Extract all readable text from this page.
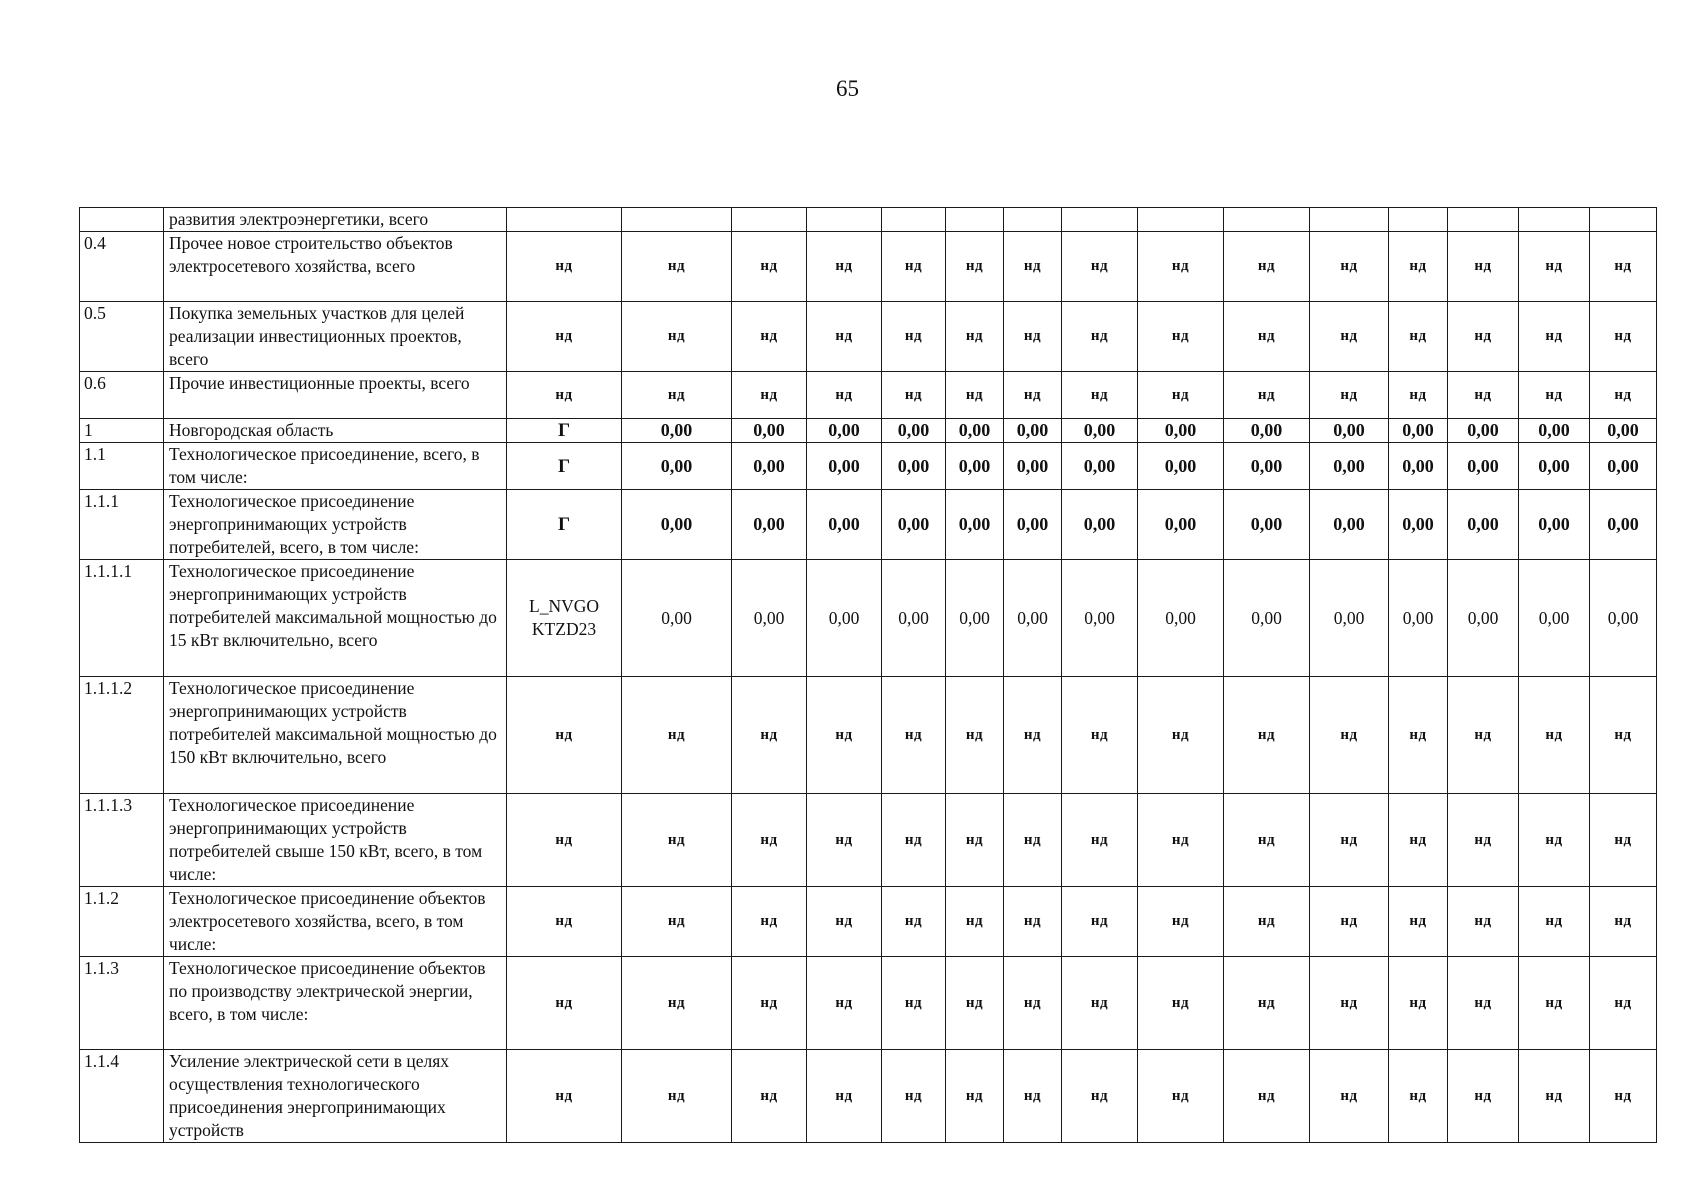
65
	развития электроэнергетики, всего															
0.4	Прочее новое строительство объектов электросетевого хозяйства, всего	нд	нд	нд	нд	нд	нд	нд	нд	нд	нд	нд	нд	нд	нд	нд
0.5	Покупка земельных участков для целей реализации инвестиционных проектов, всего	нд	нд	нд	нд	нд	нд	нд	нд	нд	нд	нд	нд	нд	нд	нд
0.6	Прочие инвестиционные проекты, всего	нд	нд	нд	нд	нд	нд	нд	нд	нд	нд	нд	нд	нд	нд	нд
1	Новгородская область	Г	0,00	0,00	0,00	0,00	0,00	0,00	0,00	0,00	0,00	0,00	0,00	0,00	0,00	0,00
1.1	Технологическое присоединение, всего, в том числе:	Г	0,00	0,00	0,00	0,00	0,00	0,00	0,00	0,00	0,00	0,00	0,00	0,00	0,00	0,00
1.1.1	Технологическое присоединение энергопринимающих устройств потребителей, всего, в том числе:	Г	0,00	0,00	0,00	0,00	0,00	0,00	0,00	0,00	0,00	0,00	0,00	0,00	0,00	0,00
1.1.1.1	Технологическое присоединение энергопринимающих устройств потребителей максимальной мощностью до 15 кВт включительно, всего	L_NVGO KTZD23	0,00	0,00	0,00	0,00	0,00	0,00	0,00	0,00	0,00	0,00	0,00	0,00	0,00	0,00
1.1.1.2	Технологическое присоединение энергопринимающих устройств потребителей максимальной мощностью до 150 кВт включительно, всего	нд	нд	нд	нд	нд	нд	нд	нд	нд	нд	нд	нд	нд	нд	нд
1.1.1.3	Технологическое присоединение энергопринимающих устройств потребителей свыше 150 кВт, всего, в том числе:	нд	нд	нд	нд	нд	нд	нд	нд	нд	нд	нд	нд	нд	нд	нд
1.1.2	Технологическое присоединение объектов электросетевого хозяйства, всего, в том числе:	нд	нд	нд	нд	нд	нд	нд	нд	нд	нд	нд	нд	нд	нд	нд
1.1.3	Технологическое присоединение объектов по производству электрической энергии, всего, в том числе:	нд	нд	нд	нд	нд	нд	нд	нд	нд	нд	нд	нд	нд	нд	нд
1.1.4	Усиление электрической сети в целях осуществления технологического присоединения энергопринимающих устройств	нд	нд	нд	нд	нд	нд	нд	нд	нд	нд	нд	нд	нд	нд	нд
